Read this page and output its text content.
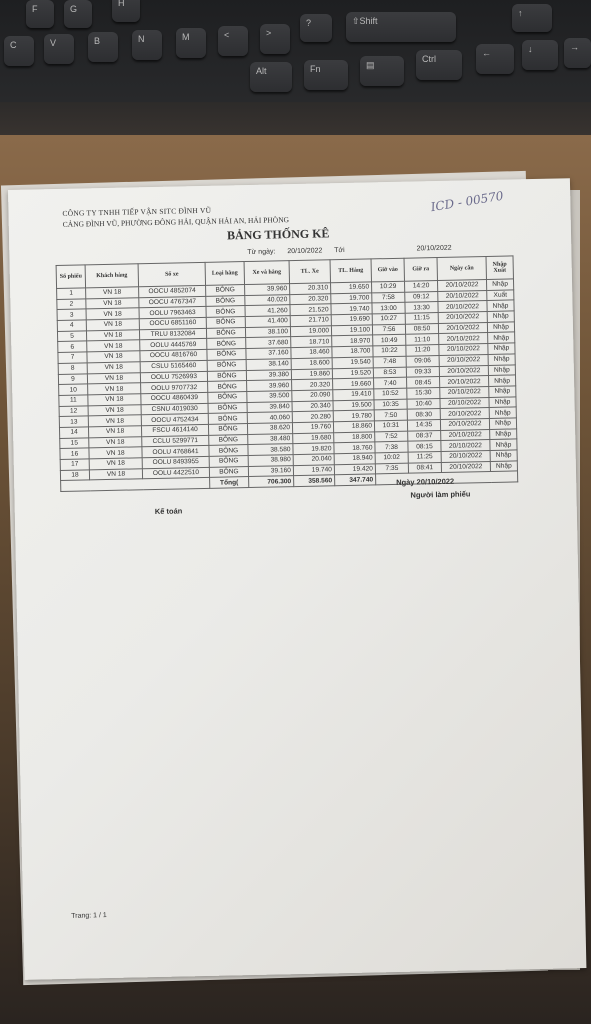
F	G
H
?	⇧Shift
↑
C	V	B	N	M	<	>
Alt	Fn	▤
Ctrl
←	↓	→
CÔNG TY TNHH TIẾP VẬN SITC ĐÌNH VŨ
CẢNG ĐÌNH VŨ, PHƯỜNG ĐÔNG HẢI, QUẬN HẢI AN, HẢI PHÒNG
BẢNG THỐNG KÊ
ICD - 00570
Từ ngày: 20/10/2022 Tới	20/10/2022
Số phiếu	Khách hàng	Số xe	Loại hàng	Xe và hàng	TL. Xe	TL. Hàng	Giờ vào	Giờ ra	Ngày cân	Nhập Xuất
1	VN 18	OOCU 4852074	BÔNG	39.960	20.310	19.650	10:29	14:20	20/10/2022	Nhập
2	VN 18	OOCU 4767347	BÔNG	40.020	20.320	19.700	7:58	09:12	20/10/2022	Xuất
3	VN 18	OOLU 7963463	BÔNG	41.260	21.520	19.740	13:00	13:30	20/10/2022	Nhập
4	VN 18	OOCU 6851160	BÔNG	41.400	21.710	19.690	10:27	11:15	20/10/2022	Nhập
5	VN 18	TRLU 8132084	BÔNG	38.100	19.000	19.100	7:56	08:50	20/10/2022	Nhập
6	VN 18	OOLU 4445769	BÔNG	37.680	18.710	18.970	10:49	11:10	20/10/2022	Nhập
7	VN 18	OOCU 4816760	BÔNG	37.160	18.460	18.700	10:22	11:20	20/10/2022	Nhập
8	VN 18	CSLU 5165460	BÔNG	38.140	18.600	19.540	7:48	09:06	20/10/2022	Nhập
9	VN 18	OOLU 7526993	BÔNG	39.380	19.860	19.520	8:53	09:33	20/10/2022	Nhập
10	VN 18	OOLU 9707732	BÔNG	39.960	20.320	19.660	7:40	08:45	20/10/2022	Nhập
11	VN 18	OOCU 4860439	BÔNG	39.500	20.090	19.410	10:52	15:30	20/10/2022	Nhập
12	VN 18	CSNU 4019030	BÔNG	39.840	20.340	19.500	10:35	10:40	20/10/2022	Nhập
13	VN 18	OOCU 4752434	BÔNG	40.060	20.280	19.780	7:50	08:30	20/10/2022	Nhập
14	VN 18	FSCU 4614140	BÔNG	38.620	19.760	18.860	10:31	14:35	20/10/2022	Nhập
15	VN 18	CCLU 5299771	BÔNG	38.480	19.680	18.800	7:52	08:37	20/10/2022	Nhập
16	VN 18	OOLU 4768641	BÔNG	38.580	19.820	18.760	7:38	08:15	20/10/2022	Nhập
17	VN 18	OOLU 8493955	BÔNG	38.980	20.040	18.940	10:02	11:25	20/10/2022	Nhập
18	VN 18	OOLU 4422510	BÔNG	39.160	19.740	19.420	7:35	08:41	20/10/2022	Nhập
			Tổng(	706.300	358.560	347.740					Ngày 20/10/2022
Người làm phiếu
Kế toán
Trang: 1 / 1
